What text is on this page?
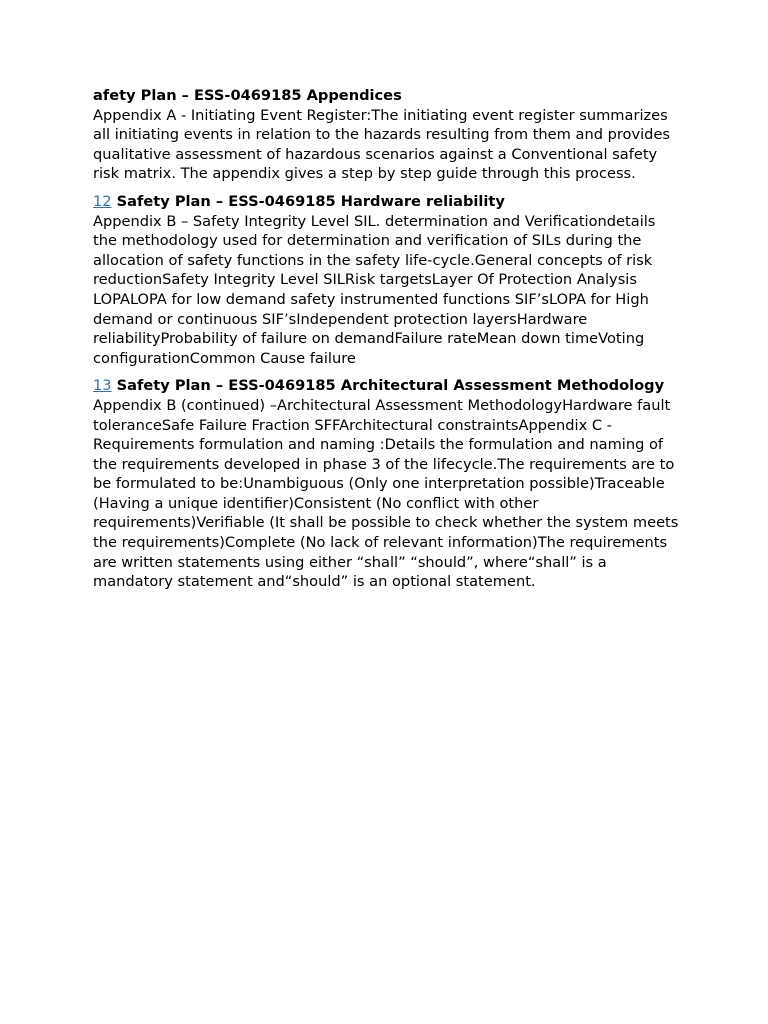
afety Plan – ESS-0469185 Appendices

Appendix A - Initiating Event Register:The initiating event register summarizes all initiating events in relation to the hazards resulting from them and provides qualitative assessment of hazardous scenarios against a Conventional safety risk matrix. The appendix gives a step by step guide through this process.

12 Safety Plan – ESS-0469185 Hardware reliability

Appendix B – Safety Integrity Level SIL. determination and Verificationdetails the methodology used for determination and verification of SILs during the allocation of safety functions in the safety life-cycle.General concepts of risk reductionSafety Integrity Level SILRisk targetsLayer Of Protection Analysis LOPALOPA for low demand safety instrumented functions SIF’sLOPA for High demand or continuous SIF’sIndependent protection layersHardware reliabilityProbability of failure on demandFailure rateMean down timeVoting configurationCommon Cause failure

13 Safety Plan – ESS-0469185 Architectural Assessment Methodology

Appendix B (continued) –Architectural Assessment MethodologyHardware fault toleranceSafe Failure Fraction SFFArchitectural constraintsAppendix C - Requirements formulation and naming :Details the formulation and naming of the requirements developed in phase 3 of the lifecycle.The requirements are to be formulated to be:Unambiguous (Only one interpretation possible)Traceable (Having a unique identifier)Consistent (No conflict with other requirements)Verifiable (It shall be possible to check whether the system meets the requirements)Complete (No lack of relevant information)The requirements are written statements using either “shall” “should”, where“shall” is a mandatory statement and“should” is an optional statement.
